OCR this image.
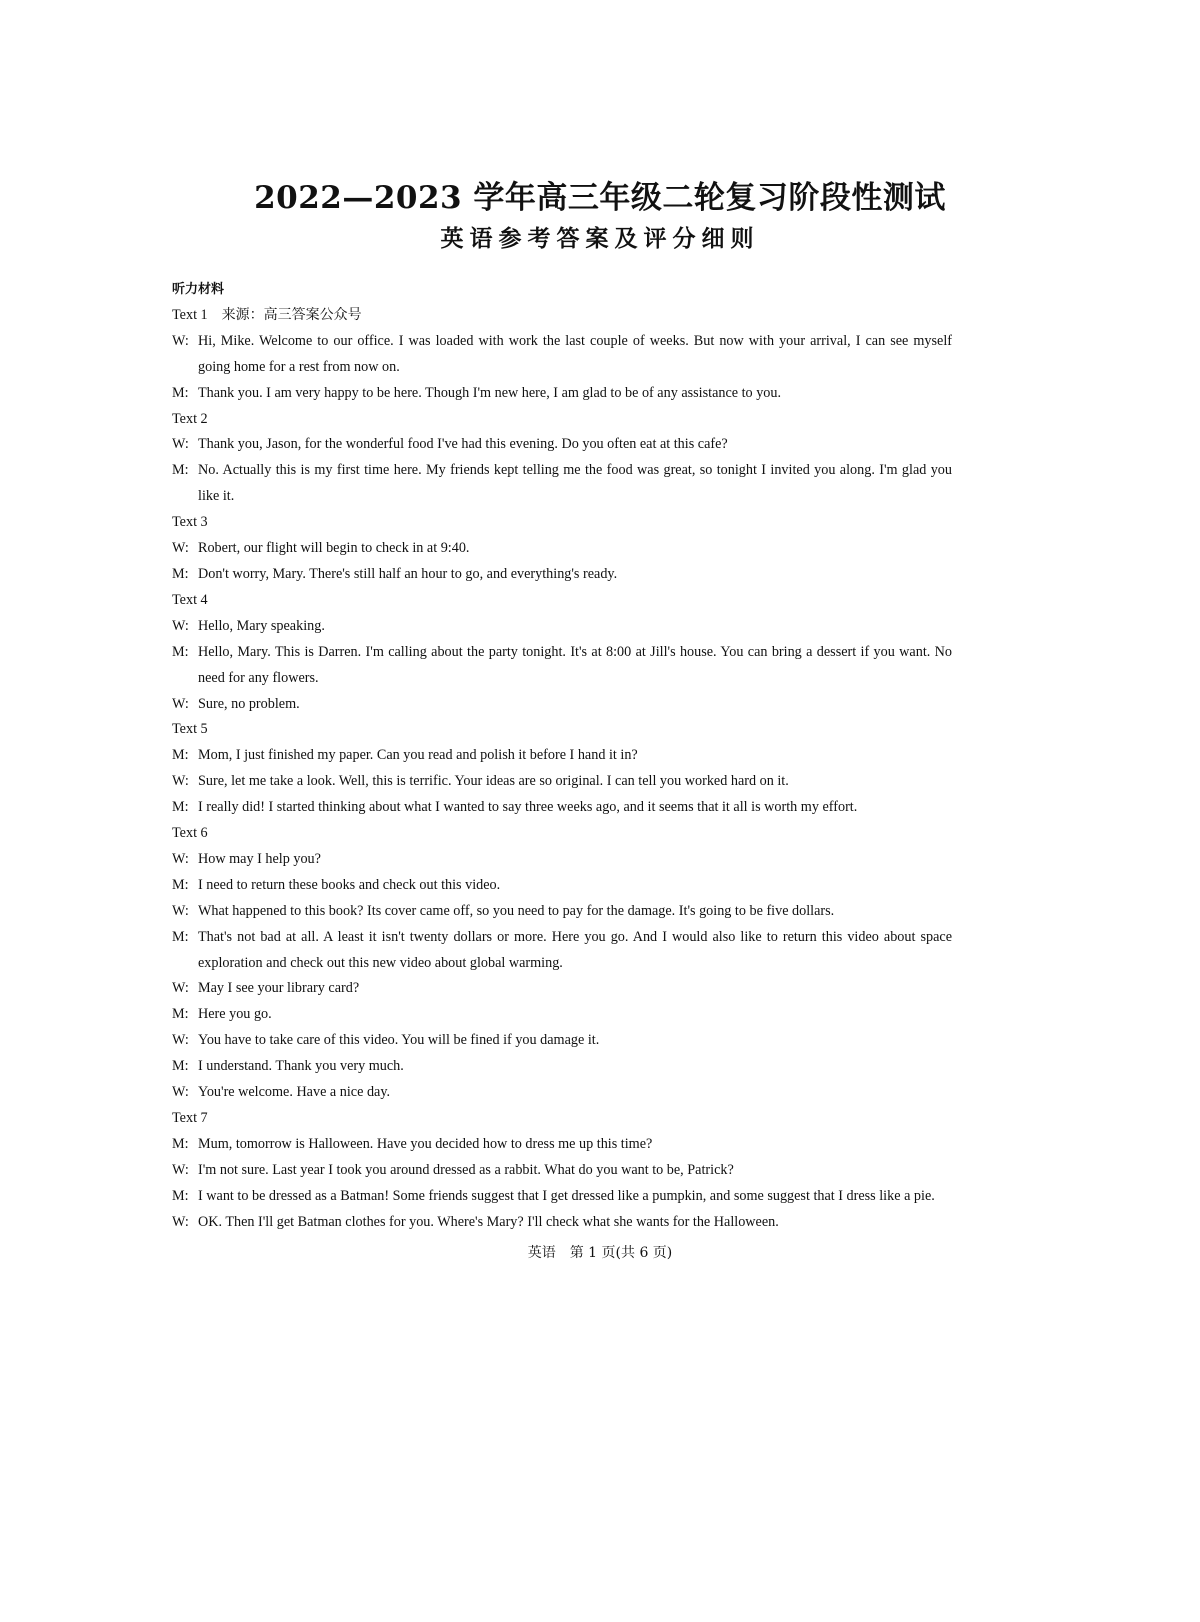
2022—2023 学年高三年级二轮复习阶段性测试
英语参考答案及评分细则
听力材料
Text 1 来源：高三答案公众号
W: Hi, Mike. Welcome to our office. I was loaded with work the last couple of weeks. But now with your arrival, I can see myself going home for a rest from now on.
M: Thank you. I am very happy to be here. Though I'm new here, I am glad to be of any assistance to you.
Text 2
W: Thank you, Jason, for the wonderful food I've had this evening. Do you often eat at this cafe?
M: No. Actually this is my first time here. My friends kept telling me the food was great, so tonight I invited you along. I'm glad you like it.
Text 3
W: Robert, our flight will begin to check in at 9:40.
M: Don't worry, Mary. There's still half an hour to go, and everything's ready.
Text 4
W: Hello, Mary speaking.
M: Hello, Mary. This is Darren. I'm calling about the party tonight. It's at 8:00 at Jill's house. You can bring a dessert if you want. No need for any flowers.
W: Sure, no problem.
Text 5
M: Mom, I just finished my paper. Can you read and polish it before I hand it in?
W: Sure, let me take a look. Well, this is terrific. Your ideas are so original. I can tell you worked hard on it.
M: I really did! I started thinking about what I wanted to say three weeks ago, and it seems that it all is worth my effort.
Text 6
W: How may I help you?
M: I need to return these books and check out this video.
W: What happened to this book? Its cover came off, so you need to pay for the damage. It's going to be five dollars.
M: That's not bad at all. A least it isn't twenty dollars or more. Here you go. And I would also like to return this video about space exploration and check out this new video about global warming.
W: May I see your library card?
M: Here you go.
W: You have to take care of this video. You will be fined if you damage it.
M: I understand. Thank you very much.
W: You're welcome. Have a nice day.
Text 7
M: Mum, tomorrow is Halloween. Have you decided how to dress me up this time?
W: I'm not sure. Last year I took you around dressed as a rabbit. What do you want to be, Patrick?
M: I want to be dressed as a Batman! Some friends suggest that I get dressed like a pumpkin, and some suggest that I dress like a pie.
W: OK. Then I'll get Batman clothes for you. Where's Mary? I'll check what she wants for the Halloween.
英语　第 1 页(共 6 页)
